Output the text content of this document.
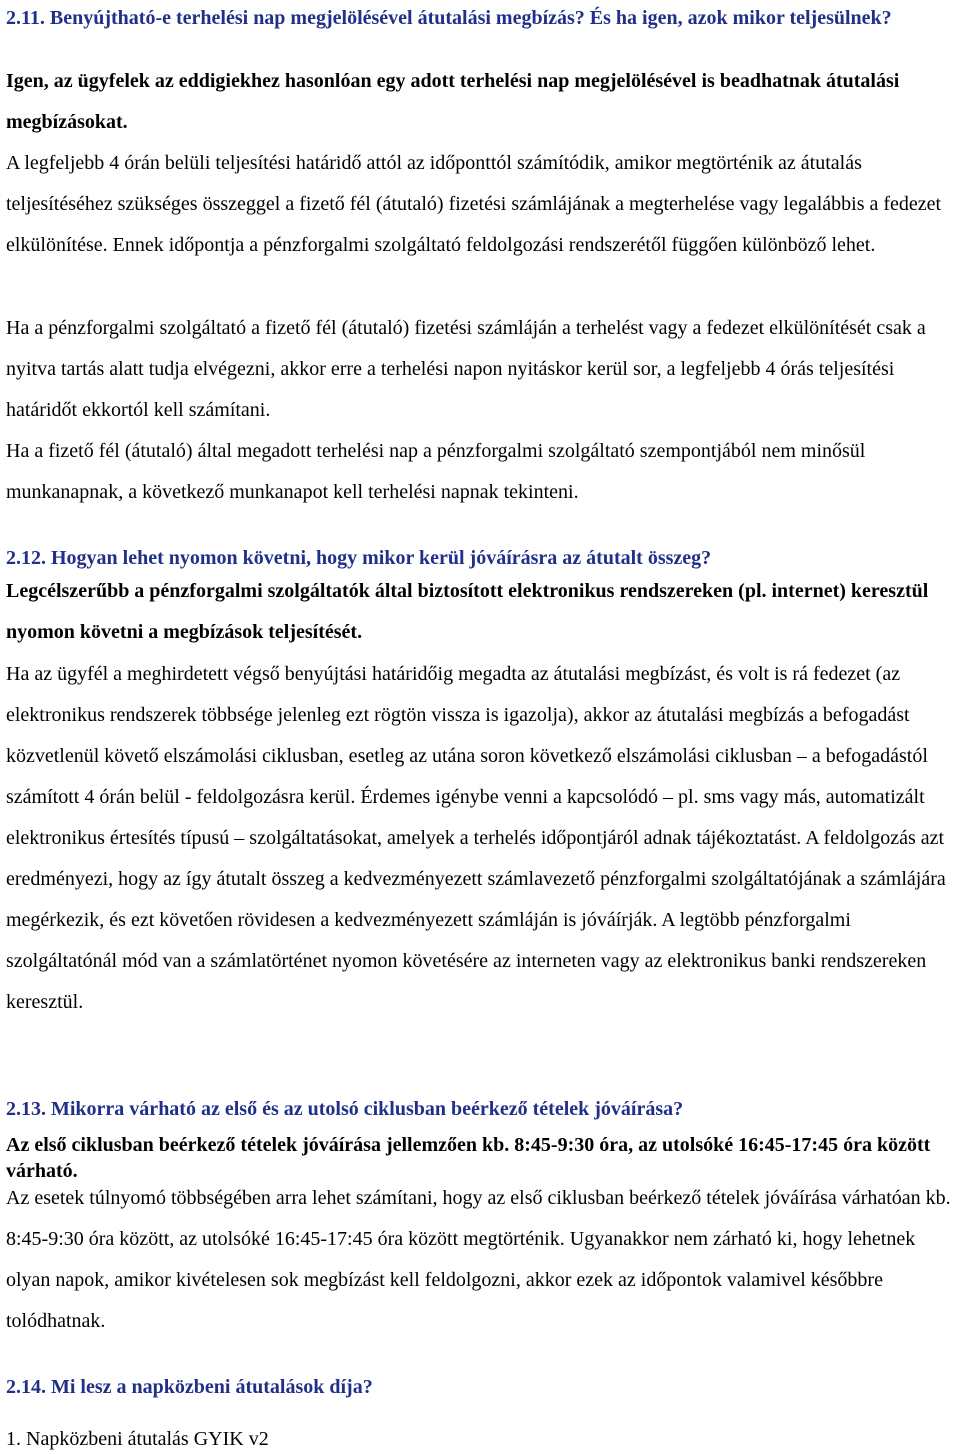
2.11. Benyújtható-e terhelési nap megjelölésével átutalási megbízás? És ha igen, azok mikor teljesülnek?
Igen, az ügyfelek az eddigiekhez hasonlóan egy adott terhelési nap megjelölésével is beadhatnak átutalási megbízásokat.
A legfeljebb 4 órán belüli teljesítési határidő attól az időponttól számítódik, amikor megtörténik az átutalás teljesítéséhez szükséges összeggel a fizető fél (átutaló) fizetési számlájának a megterhelése vagy legalábbis a fedezet elkülönítése. Ennek időpontja a pénzforgalmi szolgáltató feldolgozási rendszerétől függően különböző lehet.
Ha a pénzforgalmi szolgáltató a fizető fél (átutaló) fizetési számláján a terhelést vagy a fedezet elkülönítését csak a nyitva tartás alatt tudja elvégezni, akkor erre a terhelési napon nyitáskor kerül sor, a legfeljebb 4 órás teljesítési határidőt ekkortól kell számítani.
Ha a fizető fél (átutaló) által megadott terhelési nap a pénzforgalmi szolgáltató szempontjából nem minősül munkanapnak, a következő munkanapot kell terhelési napnak tekinteni.
2.12. Hogyan lehet nyomon követni, hogy mikor kerül jóváírásra az átutalt összeg?
Legcélszerűbb a pénzforgalmi szolgáltatók által biztosított elektronikus rendszereken (pl. internet) keresztül nyomon követni a megbízások teljesítését.
Ha az ügyfél a meghirdetett végső benyújtási határidőig megadta az átutalási megbízást, és volt is rá fedezet (az elektronikus rendszerek többsége jelenleg ezt rögtön vissza is igazolja), akkor az átutalási megbízás a befogadást közvetlenül követő elszámolási ciklusban, esetleg az utána soron következő elszámolási ciklusban – a befogadástól számított 4 órán belül - feldolgozásra kerül. Érdemes igénybe venni a kapcsolódó – pl. sms vagy más, automatizált elektronikus értesítés típusú – szolgáltatásokat, amelyek a terhelés időpontjáról adnak tájékoztatást. A feldolgozás azt eredményezi, hogy az így átutalt összeg a kedvezményezett számlavezető pénzforgalmi szolgáltatójának a számlájára megérkezik, és ezt követően rövidesen a kedvezményezett számláján is jóváírják. A legtöbb pénzforgalmi szolgáltatónál mód van a számlatörténet nyomon követésére az interneten vagy az elektronikus banki rendszereken keresztül.
2.13. Mikorra várható az első és az utolsó ciklusban beérkező tételek jóváírása?
Az első ciklusban beérkező tételek jóváírása jellemzően kb. 8:45-9:30 óra, az utolsóké 16:45-17:45 óra között várható.
Az esetek túlnyomó többségében arra lehet számítani, hogy az első ciklusban beérkező tételek jóváírása várhatóan kb. 8:45-9:30 óra között, az utolsóké 16:45-17:45 óra között megtörténik. Ugyanakkor nem zárható ki, hogy lehetnek olyan napok, amikor kivételesen sok megbízást kell feldolgozni, akkor ezek az időpontok valamivel későbbre tolódhatnak.
2.14. Mi lesz a napközbeni átutalások díja?
1. Napközbeni átutalás GYIK v2
